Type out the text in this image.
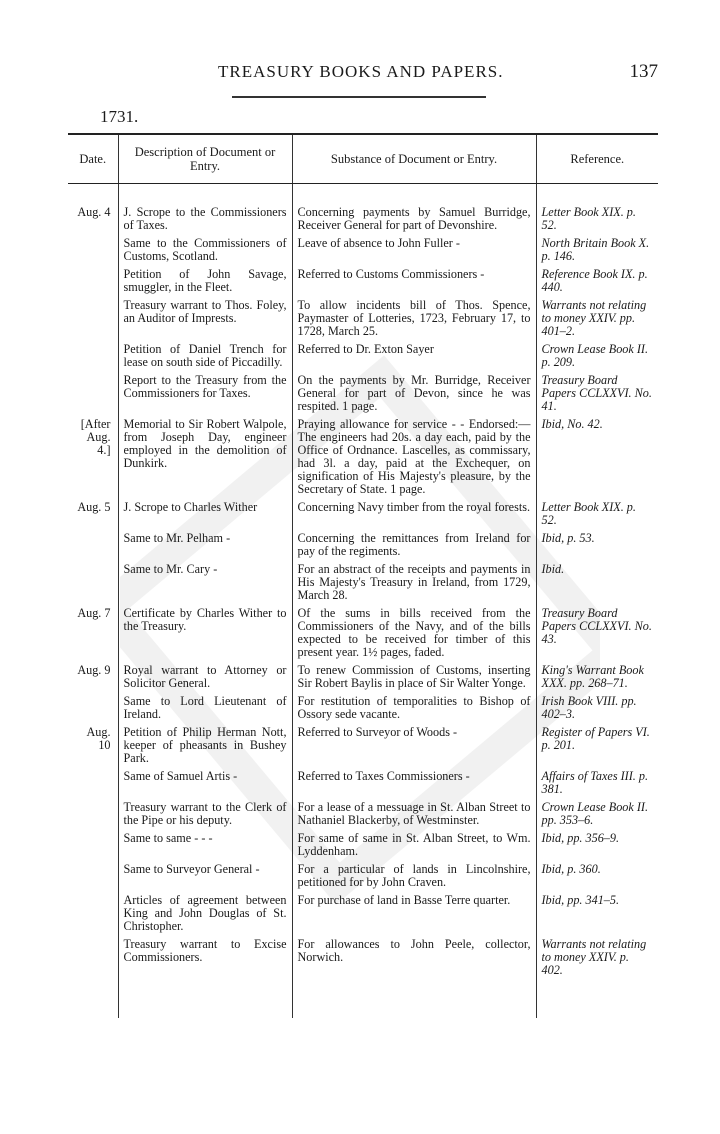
TREASURY BOOKS AND PAPERS.	137
1731.
Date.	Description of Document or Entry.	Substance of Document or Entry.	Reference.

Aug. 4	J. Scrope to the Commissioners of Taxes.	Concerning payments by Samuel Burridge, Receiver General for part of Devonshire.	Letter Book XIX. p. 52.
	Same to the Commissioners of Customs, Scotland.	Leave of absence to John Fuller -	North Britain Book X. p. 146.
	Petition of John Savage, smuggler, in the Fleet.	Referred to Customs Commissioners -	Reference Book IX. p. 440.
	Treasury warrant to Thos. Foley, an Auditor of Imprests.	To allow incidents bill of Thos. Spence, Paymaster of Lotteries, 1723, February 17, to 1728, March 25.	Warrants not relating to money XXIV. pp. 401–2.
	Petition of Daniel Trench for lease on south side of Piccadilly.	Referred to Dr. Exton Sayer	Crown Lease Book II. p. 209.
	Report to the Treasury from the Commissioners for Taxes.	On the payments by Mr. Burridge, Receiver General for part of Devon, since he was respited. 1 page.	Treasury Board Papers CCLXXVI. No. 41.
[After Aug. 4.]	Memorial to Sir Robert Walpole, from Joseph Day, engineer employed in the demolition of Dunkirk.	Praying allowance for service - - Endorsed:—The engineers had 20s. a day each, paid by the Office of Ordnance. Lascelles, as commissary, had 3l. a day, paid at the Exchequer, on signification of His Majesty's pleasure, by the Secretary of State. 1 page.	Ibid, No. 42.
Aug. 5	J. Scrope to Charles Wither	Concerning Navy timber from the royal forests.	Letter Book XIX. p. 52.
	Same to Mr. Pelham -	Concerning the remittances from Ireland for pay of the regiments.	Ibid, p. 53.
	Same to Mr. Cary -	For an abstract of the receipts and payments in His Majesty's Treasury in Ireland, from 1729, March 28.	Ibid.
Aug. 7	Certificate by Charles Wither to the Treasury.	Of the sums in bills received from the Commissioners of the Navy, and of the bills expected to be received for timber of this present year. 1½ pages, faded.	Treasury Board Papers CCLXXVI. No. 43.
Aug. 9	Royal warrant to Attorney or Solicitor General.	To renew Commission of Customs, inserting Sir Robert Baylis in place of Sir Walter Yonge.	King's Warrant Book XXX. pp. 268–71.
	Same to Lord Lieutenant of Ireland.	For restitution of temporalities to Bishop of Ossory sede vacante.	Irish Book VIII. pp. 402–3.
Aug. 10	Petition of Philip Herman Nott, keeper of pheasants in Bushey Park.	Referred to Surveyor of Woods -	Register of Papers VI. p. 201.
	Same of Samuel Artis -	Referred to Taxes Commissioners -	Affairs of Taxes III. p. 381.
	Treasury warrant to the Clerk of the Pipe or his deputy.	For a lease of a messuage in St. Alban Street to Nathaniel Blackerby, of Westminster.	Crown Lease Book II. pp. 353–6.
	Same to same - - -	For same of same in St. Alban Street, to Wm. Lyddenham.	Ibid, pp. 356–9.
	Same to Surveyor General -	For a particular of lands in Lincolnshire, petitioned for by John Craven.	Ibid, p. 360.
	Articles of agreement between King and John Douglas of St. Christopher.	For purchase of land in Basse Terre quarter.	Ibid, pp. 341–5.
	Treasury warrant to Excise Commissioners.	For allowances to John Peele, collector, Norwich.	Warrants not relating to money XXIV. p. 402.
